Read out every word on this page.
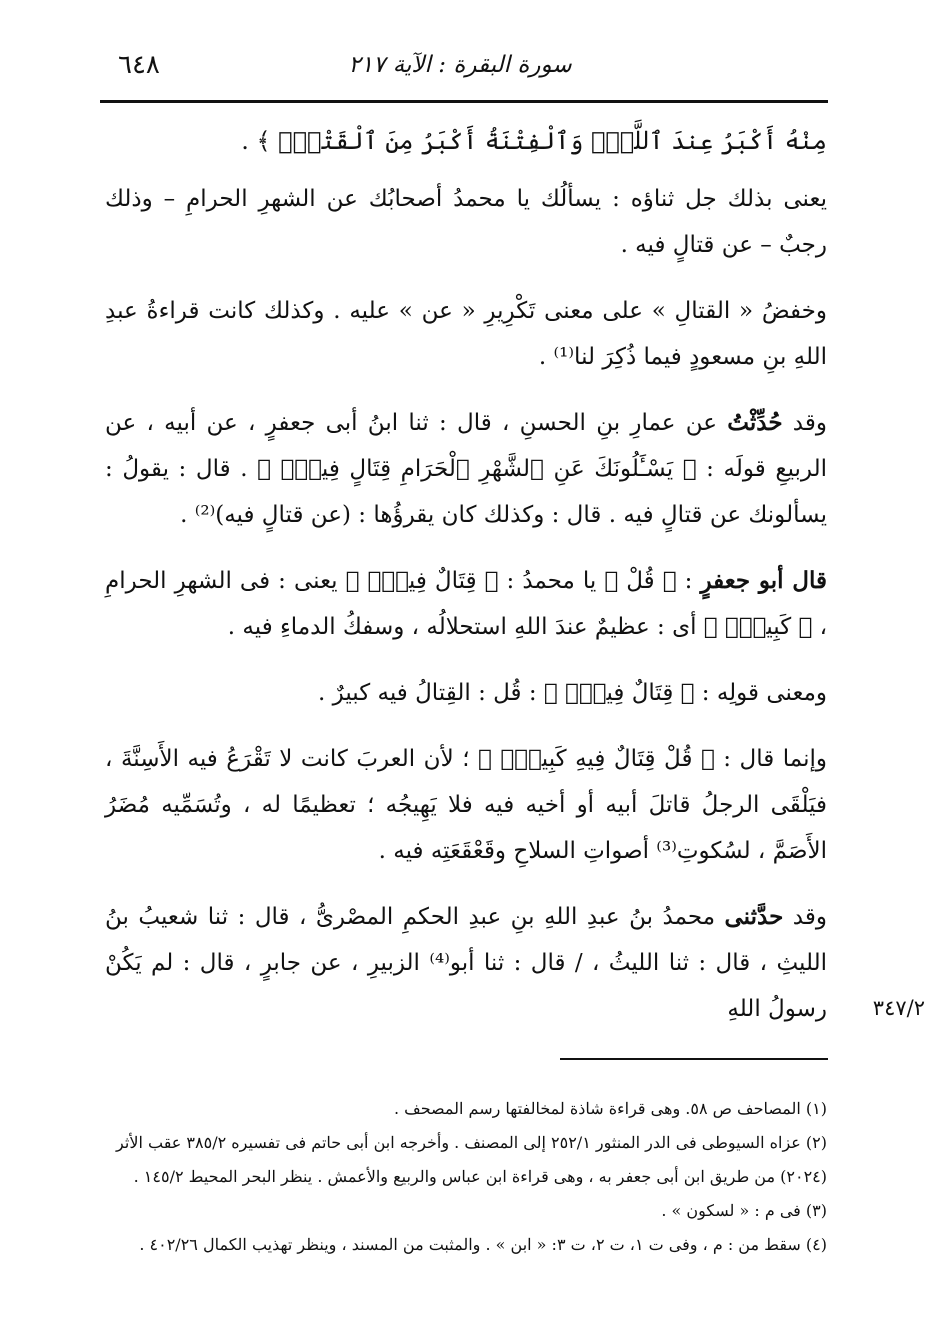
٦٤٨	سورة البقرة : الآية ٢١٧

مِنْهُ أَكْبَرُ عِندَ ٱللَّهِۚ وَٱلْفِتْنَةُ أَكْبَرُ مِنَ ٱلْقَتْلِۗ ﴾ .

يعنى بذلك جل ثناؤه : يسألُك يا محمدُ أصحابُك عن الشهرِ الحرامِ – وذلك رجبٌ – عن قتالٍ فيه .

وخفضُ « القتالِ » على معنى تَكْرِيرِ « عن » عليه . وكذلك كانت قراءةُ عبدِ اللهِ بنِ مسعودٍ فيما ذُكِرَ لنا⁽¹⁾ .

وقد حُدِّثْتُ عن عمارِ بنِ الحسنِ ، قال : ثنا ابنُ أبى جعفرٍ ، عن أبيه ، عن الربيعِ قولَه : ﴿ يَسْـَٔلُونَكَ عَنِ ٱلشَّهْرِ ٱلْحَرَامِ قِتَالٍ فِيهِۖ ﴾ . قال : يقولُ : يسألونك عن قتالٍ فيه . قال : وكذلك كان يقرؤُها : (عن قتالٍ فيه)⁽²⁾ .

قال أبو جعفرٍ : ﴿ قُلْ ﴾ يا محمدُ : ﴿ قِتَالٌ فِيهِۖ ﴾ يعنى : فى الشهرِ الحرامِ ، ﴿ كَبِيرٌۚ ﴾ أى : عظيمٌ عندَ اللهِ استحلالُه ، وسفكُ الدماءِ فيه .

ومعنى قولِه : ﴿ قِتَالٌ فِيهِۖ ﴾ : قُل : القِتالُ فيه كبيرٌ .

وإنما قال : ﴿ قُلْ قِتَالٌ فِيهِ كَبِيرٌۚ ﴾ ؛ لأن العربَ كانت لا تَقْرَعُ فيه الأَسِنَّةَ ، فيَلْقَى الرجلُ قاتلَ أبيه أو أخيه فيه فلا يَهِيجُه ؛ تعظيمًا له ، وتُسَمِّيه مُضَرُ الأَصَمَّ ، لسُكوتِ⁽³⁾ أصواتِ السلاحِ وقَعْقَعَتِه فيه .

وقد حدَّثنى محمدُ بنُ عبدِ اللهِ بنِ عبدِ الحكمِ المصْرىُّ ، قال : ثنا شعيبُ بنُ الليثِ ، قال : ثنا الليثُ ، / قال : ثنا أبو⁽⁴⁾ الزبيرِ ، عن جابرٍ ، قال : لم يَكُنْ رسولُ اللهِ	٣٤٧/٢

(١) المصاحف ص ٥٨. وهى قراءة شاذة لمخالفتها رسم المصحف .

(٢) عزاه السيوطى فى الدر المنثور ٢٥٢/١ إلى المصنف . وأخرجه ابن أبى حاتم فى تفسيره ٣٨٥/٢ عقب الأثر

(٢٠٢٤) من طريق ابن أبى جعفر به ، وهى قراءة ابن عباس والربيع والأعمش . ينظر البحر المحيط ١٤٥/٢ .

(٣) فى م : « لسكون » .

(٤) سقط من : م ، وفى ت ١، ت ٢، ت ٣: « ابن » . والمثبت من المسند ، وينظر تهذيب الكمال ٤٠٢/٢٦ .
